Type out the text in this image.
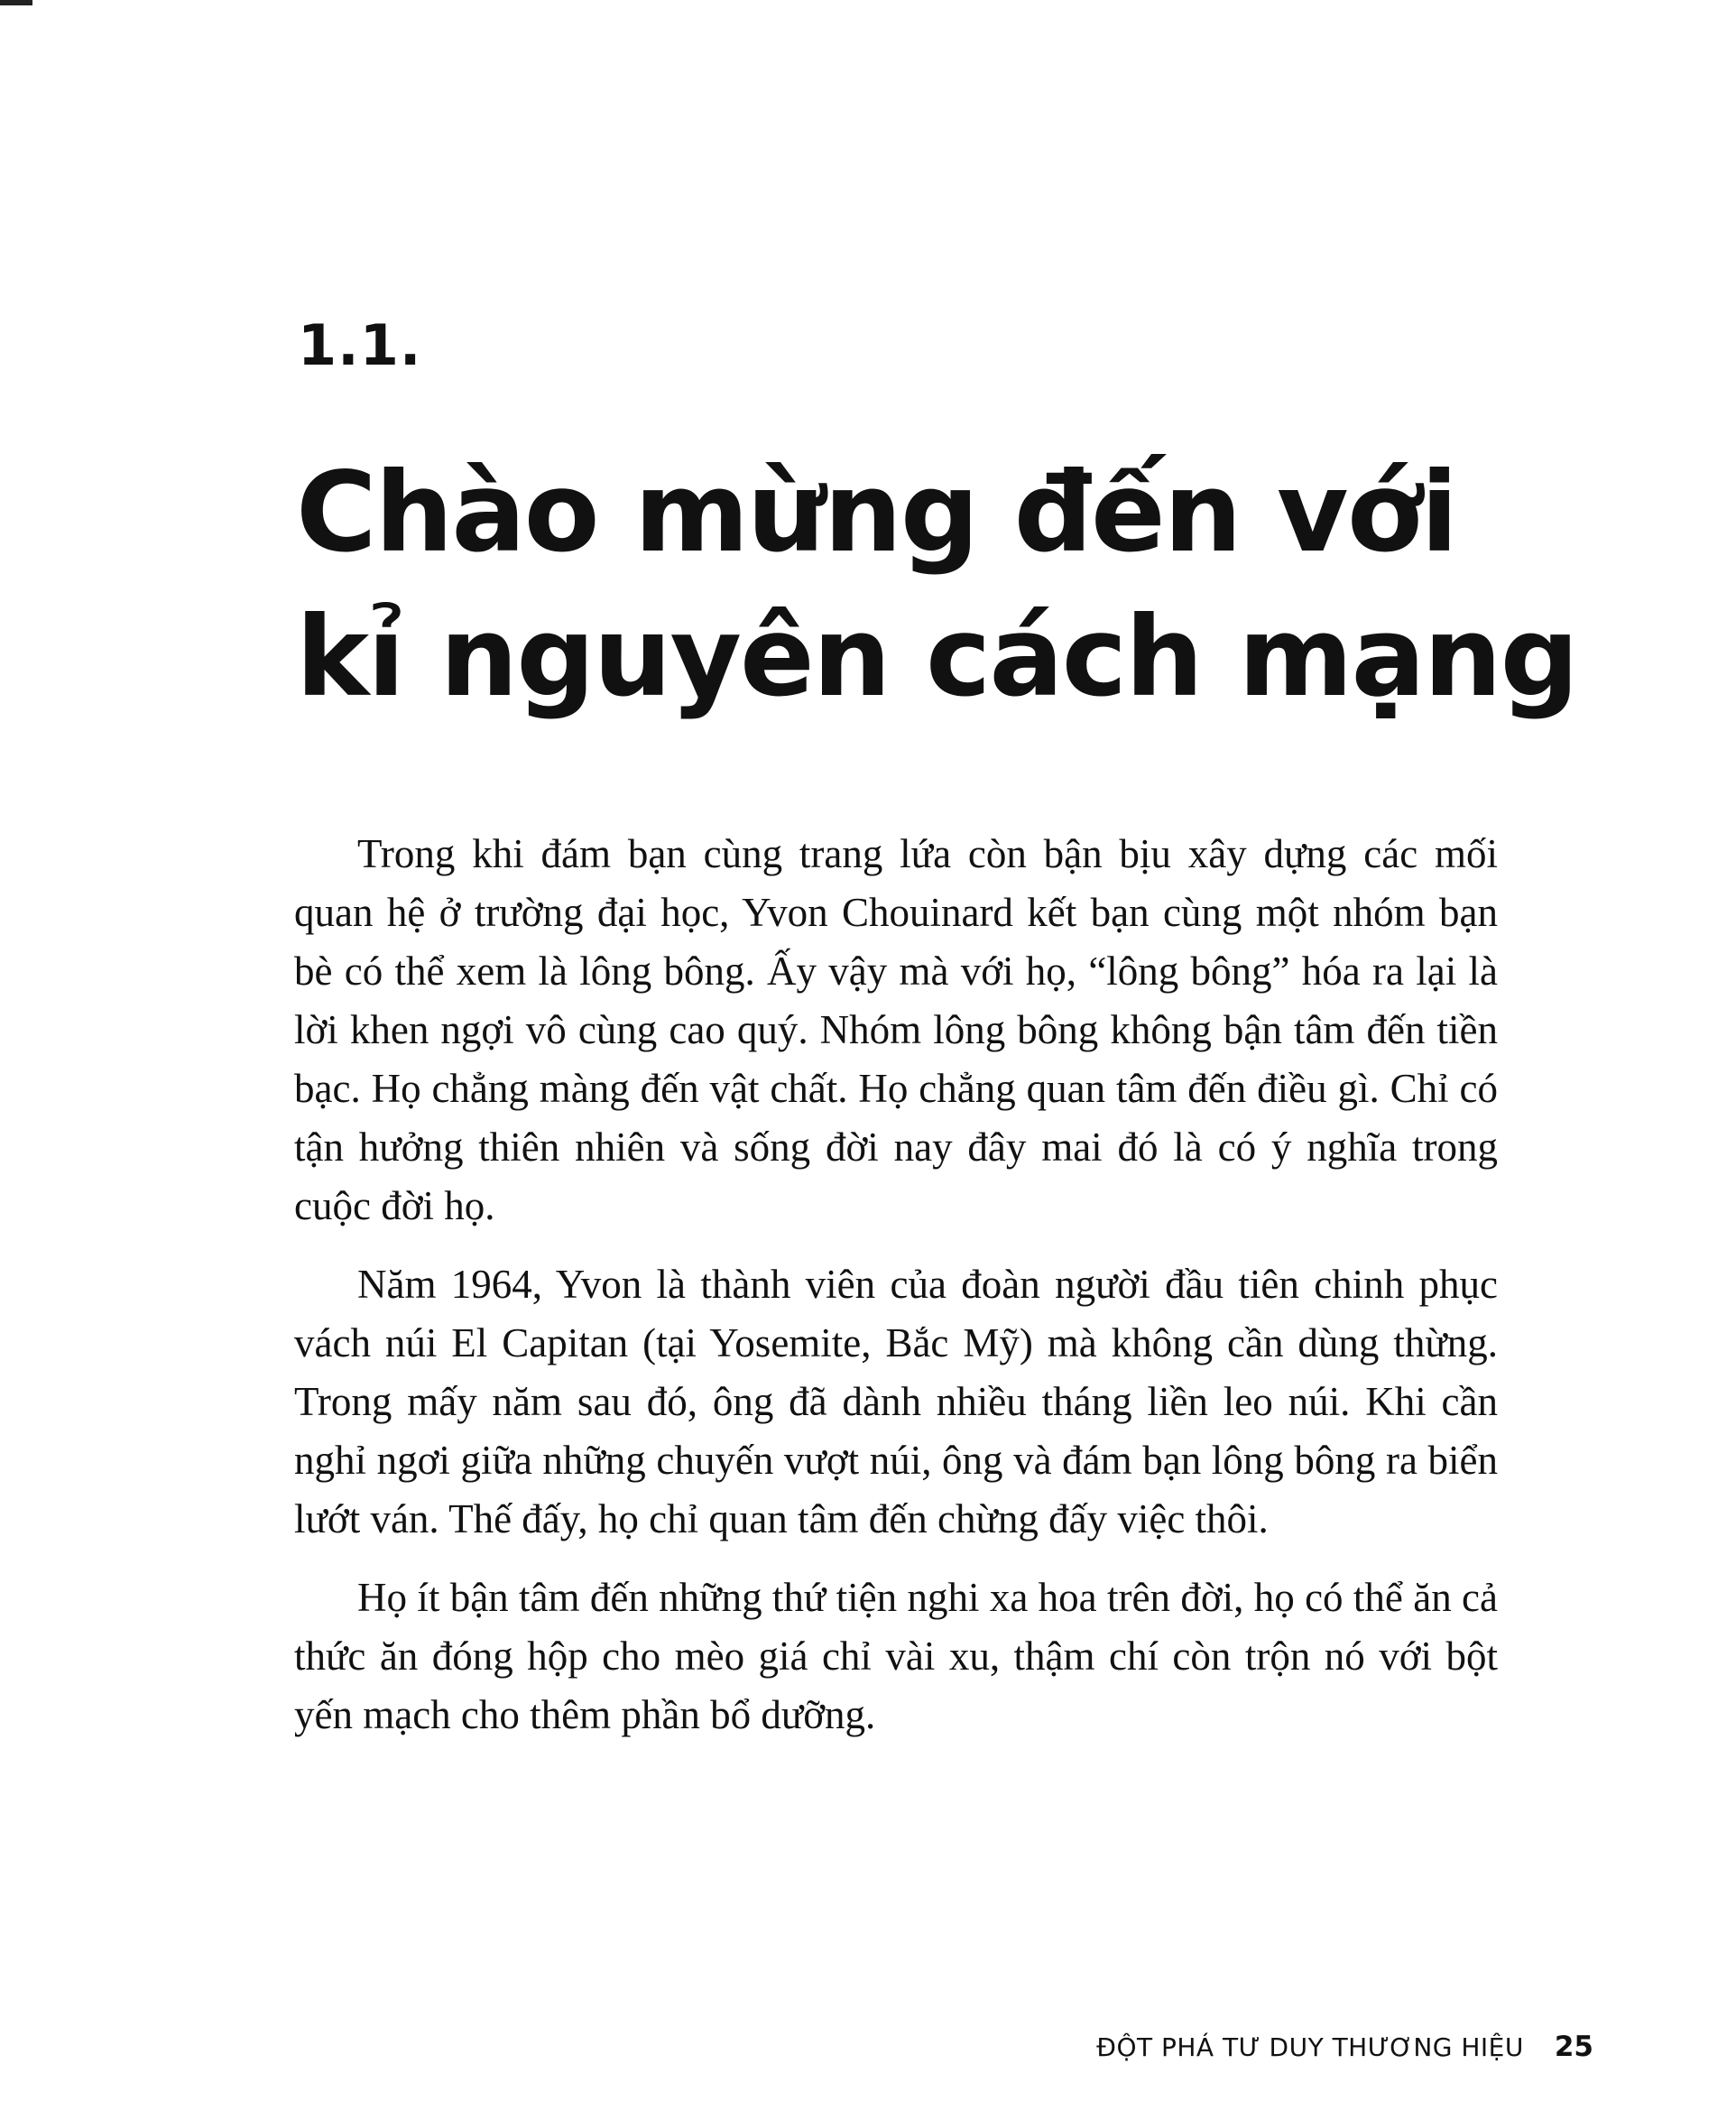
1.1.
Chào mừng đến với
kỉ nguyên cách mạng

Trong khi đám bạn cùng trang lứa còn bận bịu xây dựng các mối quan hệ ở trường đại học, Yvon Chouinard kết bạn cùng một nhóm bạn bè có thể xem là lông bông. Ấy vậy mà với họ, “lông bông” hóa ra lại là lời khen ngợi vô cùng cao quý. Nhóm lông bông không bận tâm đến tiền bạc. Họ chẳng màng đến vật chất. Họ chẳng quan tâm đến điều gì. Chỉ có tận hưởng thiên nhiên và sống đời nay đây mai đó là có ý nghĩa trong cuộc đời họ.

Năm 1964, Yvon là thành viên của đoàn người đầu tiên chinh phục vách núi El Capitan (tại Yosemite, Bắc Mỹ) mà không cần dùng thừng. Trong mấy năm sau đó, ông đã dành nhiều tháng liền leo núi. Khi cần nghỉ ngơi giữa những chuyến vượt núi, ông và đám bạn lông bông ra biển lướt ván. Thế đấy, họ chỉ quan tâm đến chừng đấy việc thôi.

Họ ít bận tâm đến những thứ tiện nghi xa hoa trên đời, họ có thể ăn cả thức ăn đóng hộp cho mèo giá chỉ vài xu, thậm chí còn trộn nó với bột yến mạch cho thêm phần bổ dưỡng.

ĐỘT PHÁ TƯ DUY THƯƠNG HIỆU 25
